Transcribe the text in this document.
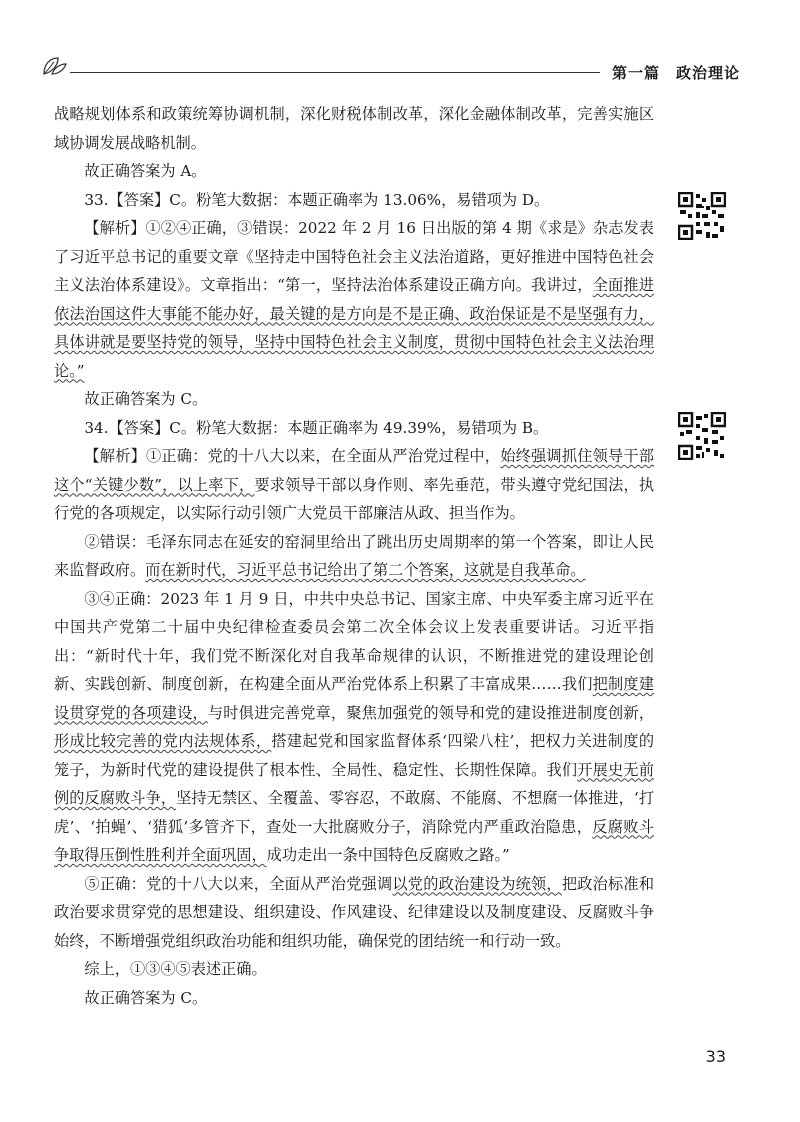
第一篇　政治理论

战略规划体系和政策统筹协调机制，深化财税体制改革，深化金融体制改革，完善实施区域协调发展战略机制。

故正确答案为 A。

33.【答案】C。粉笔大数据：本题正确率为 13.06%，易错项为 D。

【解析】①②④正确，③错误：2022 年 2 月 16 日出版的第 4 期《求是》杂志发表了习近平总书记的重要文章《坚持走中国特色社会主义法治道路，更好推进中国特色社会主义法治体系建设》。文章指出：“第一，坚持法治体系建设正确方向。我讲过，全面推进依法治国这件大事能不能办好，最关键的是方向是不是正确、政治保证是不是坚强有力，具体讲就是要坚持党的领导，坚持中国特色社会主义制度，贯彻中国特色社会主义法治理论。”

故正确答案为 C。

34.【答案】C。粉笔大数据：本题正确率为 49.39%，易错项为 B。

【解析】①正确：党的十八大以来，在全面从严治党过程中，始终强调抓住领导干部这个“关键少数”，以上率下，要求领导干部以身作则、率先垂范，带头遵守党纪国法，执行党的各项规定，以实际行动引领广大党员干部廉洁从政、担当作为。

②错误：毛泽东同志在延安的窑洞里给出了跳出历史周期率的第一个答案，即让人民来监督政府。而在新时代，习近平总书记给出了第二个答案，这就是自我革命。

③④正确：2023 年 1 月 9 日，中共中央总书记、国家主席、中央军委主席习近平在中国共产党第二十届中央纪律检查委员会第二次全体会议上发表重要讲话。习近平指出：“新时代十年，我们党不断深化对自我革命规律的认识，不断推进党的建设理论创新、实践创新、制度创新，在构建全面从严治党体系上积累了丰富成果……我们把制度建设贯穿党的各项建设，与时俱进完善党章，聚焦加强党的领导和党的建设推进制度创新，形成比较完善的党内法规体系，搭建起党和国家监督体系‘四梁八柱’，把权力关进制度的笼子，为新时代党的建设提供了根本性、全局性、稳定性、长期性保障。我们开展史无前例的反腐败斗争，坚持无禁区、全覆盖、零容忍，不敢腐、不能腐、不想腐一体推进，‘打虎’、‘拍蝇’、‘猎狐’多管齐下，查处一大批腐败分子，消除党内严重政治隐患，反腐败斗争取得压倒性胜利并全面巩固，成功走出一条中国特色反腐败之路。”

⑤正确：党的十八大以来，全面从严治党强调以党的政治建设为统领，把政治标准和政治要求贯穿党的思想建设、组织建设、作风建设、纪律建设以及制度建设、反腐败斗争始终，不断增强党组织政治功能和组织功能，确保党的团结统一和行动一致。

综上，①③④⑤表述正确。

故正确答案为 C。

33
